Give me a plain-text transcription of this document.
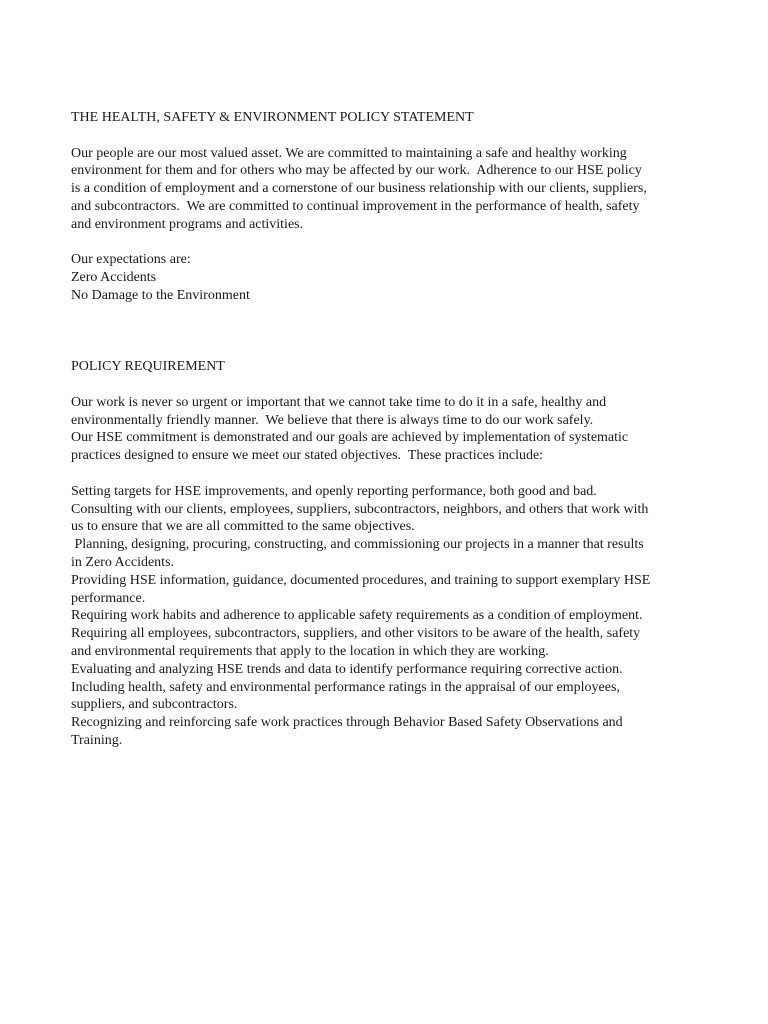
THE HEALTH, SAFETY & ENVIRONMENT POLICY STATEMENT

Our people are our most valued asset. We are committed to maintaining a safe and healthy working
environment for them and for others who may be affected by our work.  Adherence to our HSE policy
is a condition of employment and a cornerstone of our business relationship with our clients, suppliers,
and subcontractors.  We are committed to continual improvement in the performance of health, safety
and environment programs and activities.

Our expectations are:
Zero Accidents
No Damage to the Environment
POLICY REQUIREMENT

Our work is never so urgent or important that we cannot take time to do it in a safe, healthy and
environmentally friendly manner.  We believe that there is always time to do our work safely.
Our HSE commitment is demonstrated and our goals are achieved by implementation of systematic
practices designed to ensure we meet our stated objectives.  These practices include:

Setting targets for HSE improvements, and openly reporting performance, both good and bad.
Consulting with our clients, employees, suppliers, subcontractors, neighbors, and others that work with
us to ensure that we are all committed to the same objectives.
Planning, designing, procuring, constructing, and commissioning our projects in a manner that results
in Zero Accidents.
Providing HSE information, guidance, documented procedures, and training to support exemplary HSE
performance.
Requiring work habits and adherence to applicable safety requirements as a condition of employment.
Requiring all employees, subcontractors, suppliers, and other visitors to be aware of the health, safety
and environmental requirements that apply to the location in which they are working.
Evaluating and analyzing HSE trends and data to identify performance requiring corrective action.
Including health, safety and environmental performance ratings in the appraisal of our employees,
suppliers, and subcontractors.
Recognizing and reinforcing safe work practices through Behavior Based Safety Observations and
Training.
